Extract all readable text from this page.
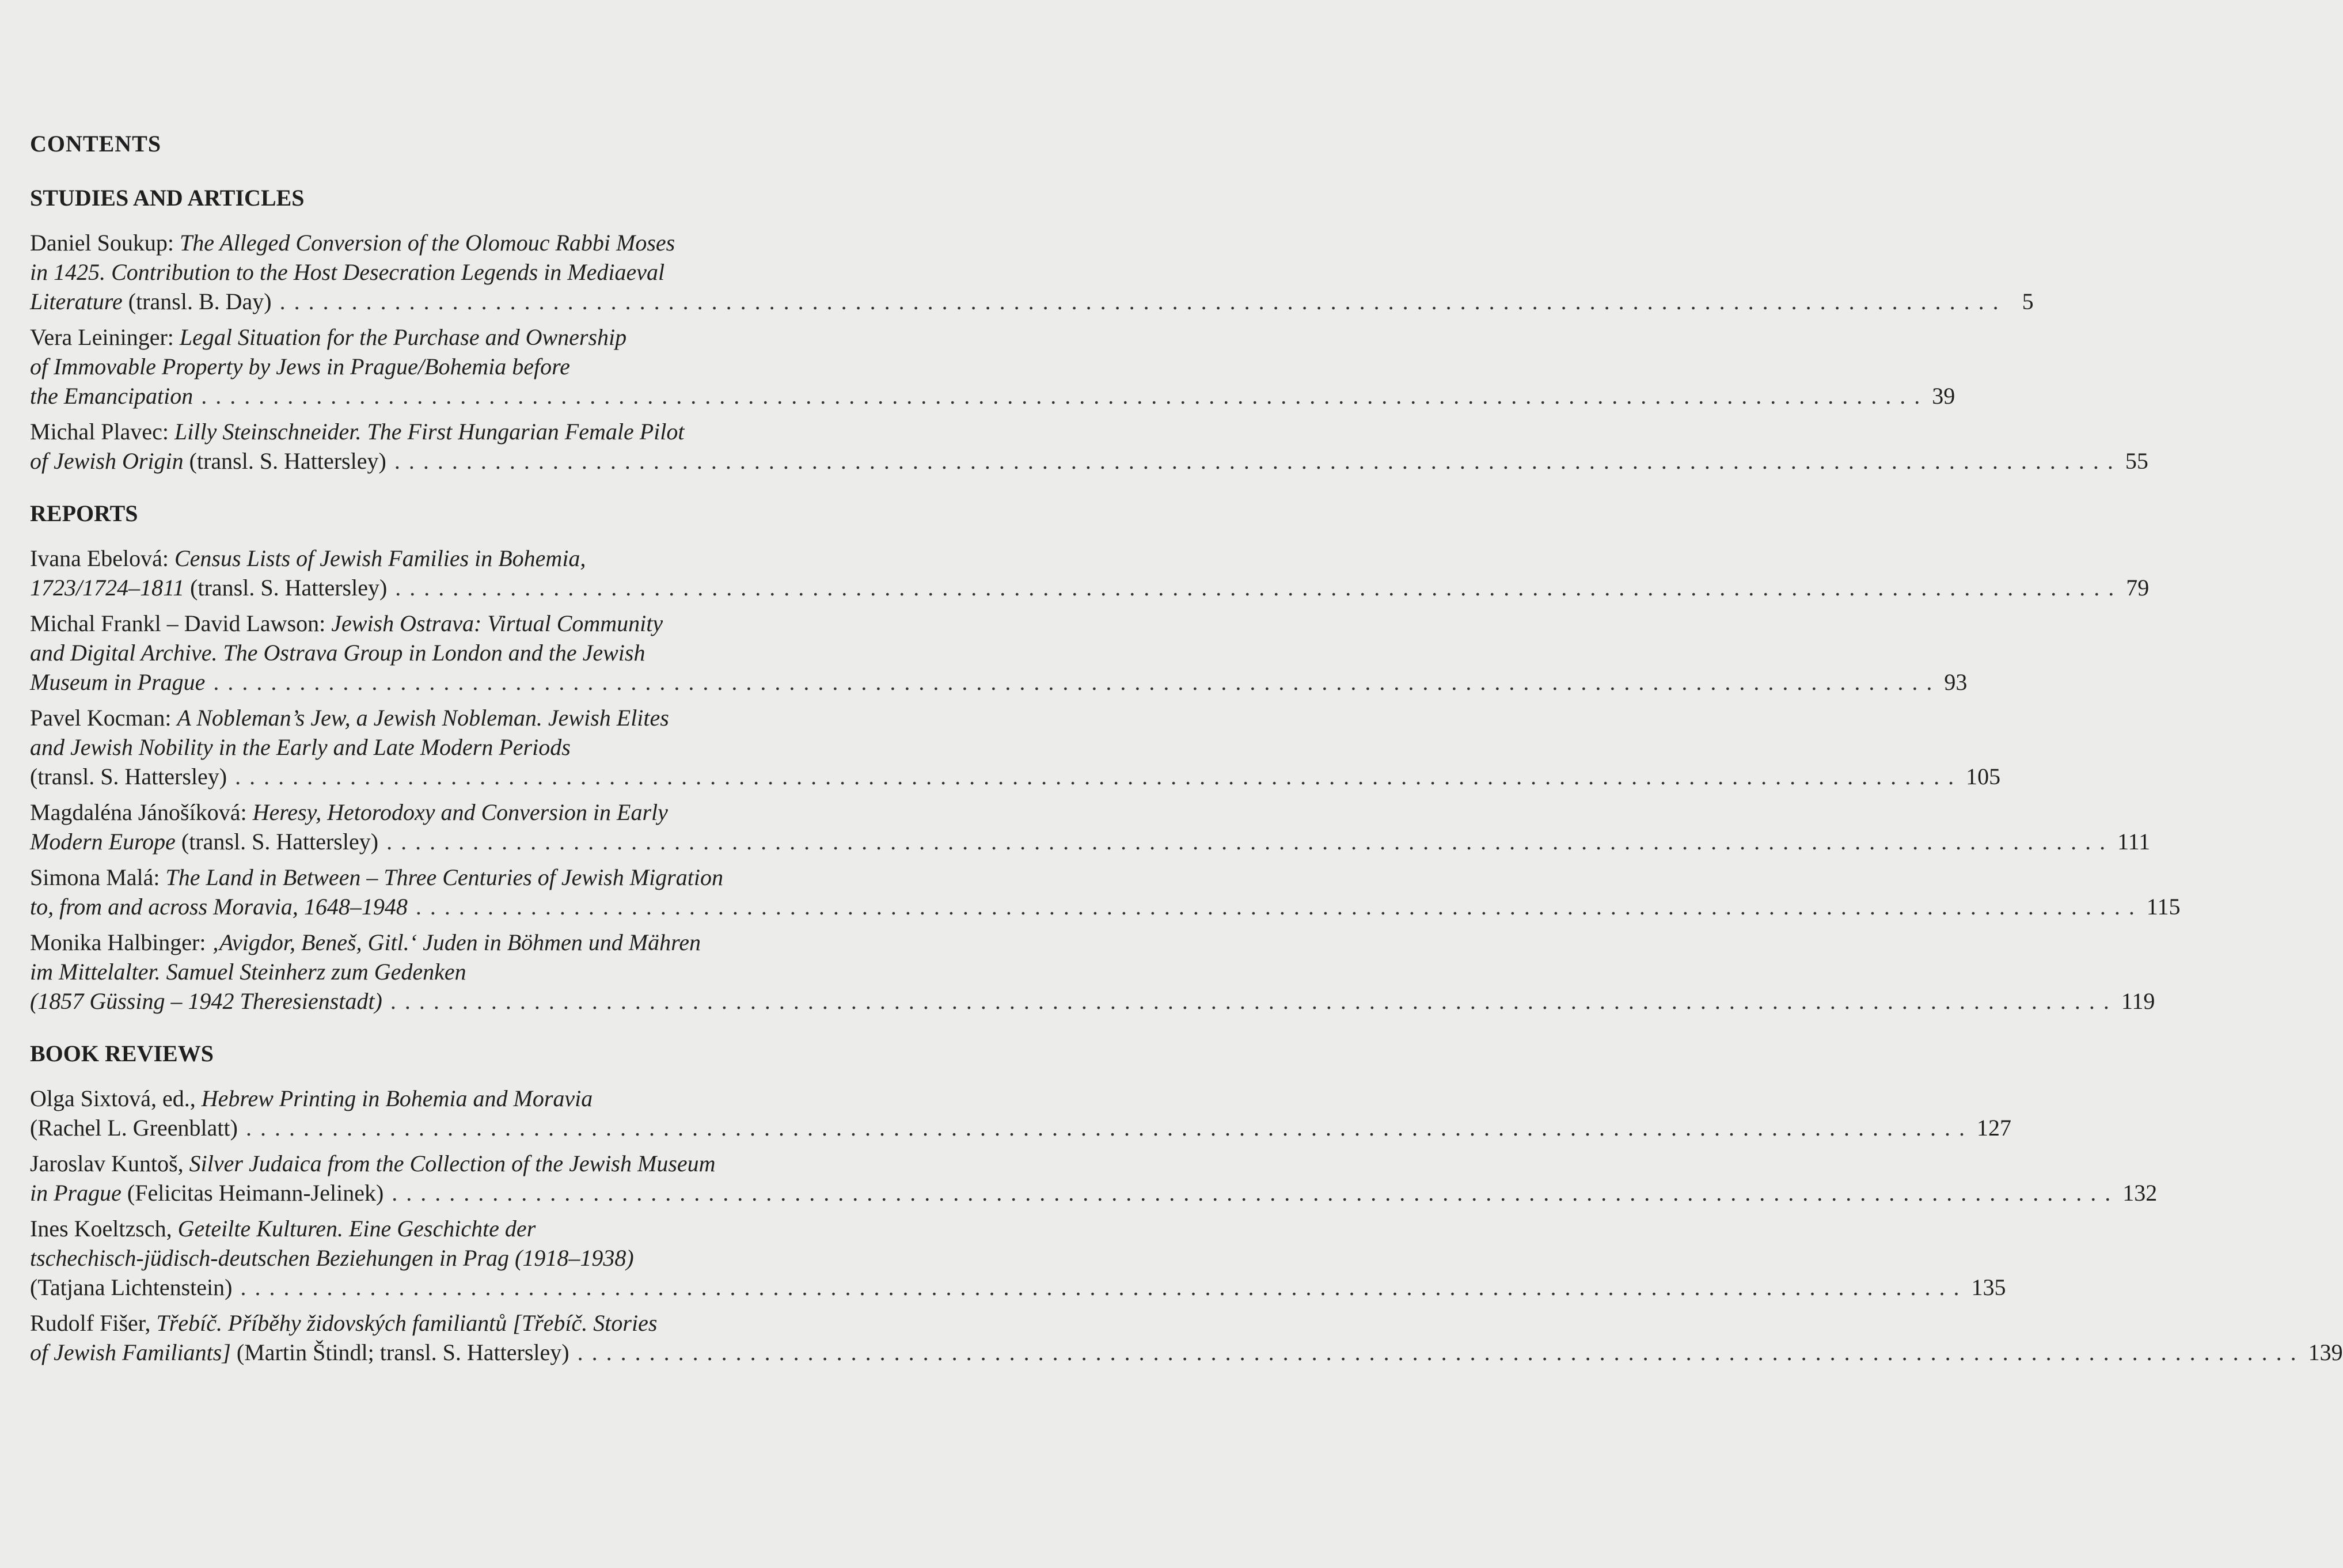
CONTENTS
STUDIES AND ARTICLES
Daniel Soukup: The Alleged Conversion of the Olomouc Rabbi Moses
in 1425. Contribution to the Host Desecration Legends in Mediaeval
Literature (transl. B. Day) ........................................................................................................................ 5
Vera Leininger: Legal Situation for the Purchase and Ownership
of Immovable Property by Jews in Prague/Bohemia before
the Emancipation ........................................................................................................................ 39
Michal Plavec: Lilly Steinschneider. The First Hungarian Female Pilot
of Jewish Origin (transl. S. Hattersley) ........................................................................................................................ 55
REPORTS
Ivana Ebelová: Census Lists of Jewish Families in Bohemia,
1723/1724–1811 (transl. S. Hattersley) ........................................................................................................................ 79
Michal Frankl – David Lawson: Jewish Ostrava: Virtual Community
and Digital Archive. The Ostrava Group in London and the Jewish
Museum in Prague ........................................................................................................................ 93
Pavel Kocman: A Nobleman’s Jew, a Jewish Nobleman. Jewish Elites
and Jewish Nobility in the Early and Late Modern Periods
(transl. S. Hattersley) ........................................................................................................................ 105
Magdaléna Jánošíková: Heresy, Hetorodoxy and Conversion in Early
Modern Europe (transl. S. Hattersley) ........................................................................................................................ 111
Simona Malá: The Land in Between – Three Centuries of Jewish Migration
to, from and across Moravia, 1648–1948 ........................................................................................................................ 115
Monika Halbinger: ‚Avigdor, Beneš, Gitl.‘ Juden in Böhmen und Mähren
im Mittelalter. Samuel Steinherz zum Gedenken
(1857 Güssing – 1942 Theresienstadt) ........................................................................................................................ 119
BOOK REVIEWS
Olga Sixtová, ed., Hebrew Printing in Bohemia and Moravia
(Rachel L. Greenblatt) ........................................................................................................................ 127
Jaroslav Kuntoš, Silver Judaica from the Collection of the Jewish Museum
in Prague (Felicitas Heimann-Jelinek) ........................................................................................................................ 132
Ines Koeltzsch, Geteilte Kulturen. Eine Geschichte der
tschechisch-jüdisch-deutschen Beziehungen in Prag (1918–1938)
(Tatjana Lichtenstein) ........................................................................................................................ 135
Rudolf Fišer, Třebíč. Příběhy židovských familiantů [Třebíč. Stories
of Jewish Familiants] (Martin Štindl; transl. S. Hattersley) ........................................................................................................................ 139
